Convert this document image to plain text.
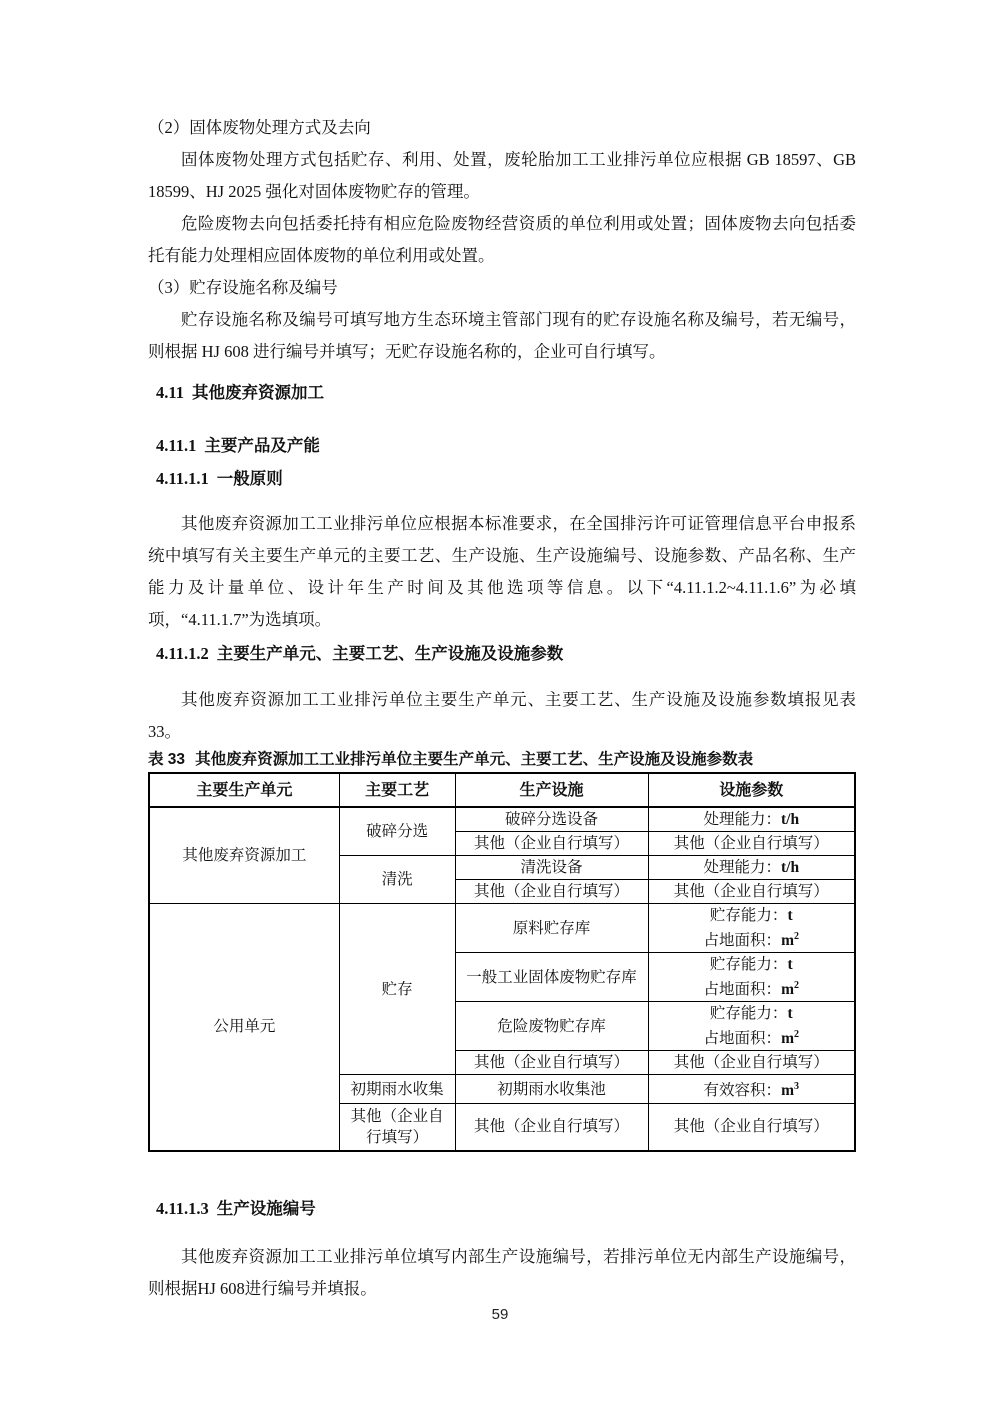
（2）固体废物处理方式及去向

固体废物处理方式包括贮存、利用、处置，废轮胎加工工业排污单位应根据 GB 18597、GB 18599、HJ 2025 强化对固体废物贮存的管理。

危险废物去向包括委托持有相应危险废物经营资质的单位利用或处置；固体废物去向包括委托有能力处理相应固体废物的单位利用或处置。

（3）贮存设施名称及编号

贮存设施名称及编号可填写地方生态环境主管部门现有的贮存设施名称及编号，若无编号，则根据 HJ 608 进行编号并填写；无贮存设施名称的，企业可自行填写。

4.11 其他废弃资源加工

4.11.1 主要产品及产能

4.11.1.1 一般原则

其他废弃资源加工工业排污单位应根据本标准要求，在全国排污许可证管理信息平台申报系统中填写有关主要生产单元的主要工艺、生产设施、生产设施编号、设施参数、产品名称、生产能力及计量单位、设计年生产时间及其他选项等信息。以下“4.11.1.2~4.11.1.6”为必填项，“4.11.1.7”为选填项。

4.11.1.2 主要生产单元、主要工艺、生产设施及设施参数

其他废弃资源加工工业排污单位主要生产单元、主要工艺、生产设施及设施参数填报见表 33。

表 33 其他废弃资源加工工业排污单位主要生产单元、主要工艺、生产设施及设施参数表

主要生产单元	主要工艺	生产设施	设施参数
其他废弃资源加工	破碎分选	破碎分选设备	处理能力：t/h
		其他（企业自行填写）	其他（企业自行填写）
	清洗	清洗设备	处理能力：t/h
		其他（企业自行填写）	其他（企业自行填写）
公用单元	贮存	原料贮存库	贮存能力：t
占地面积：$m^2$

		一般工业固体废物贮存库	贮存能力：t
占地面积：$m^2$

		危险废物贮存库	贮存能力：t
占地面积：$m^2$

		其他（企业自行填写）	其他（企业自行填写）
	初期雨水收集	初期雨水收集池	有效容积：$m^3$
	其他（企业自行填写）	其他（企业自行填写）	其他（企业自行填写）

4.11.1.3 生产设施编号

其他废弃资源加工工业排污单位填写内部生产设施编号，若排污单位无内部生产设施编号，则根据HJ 608进行编号并填报。

59
